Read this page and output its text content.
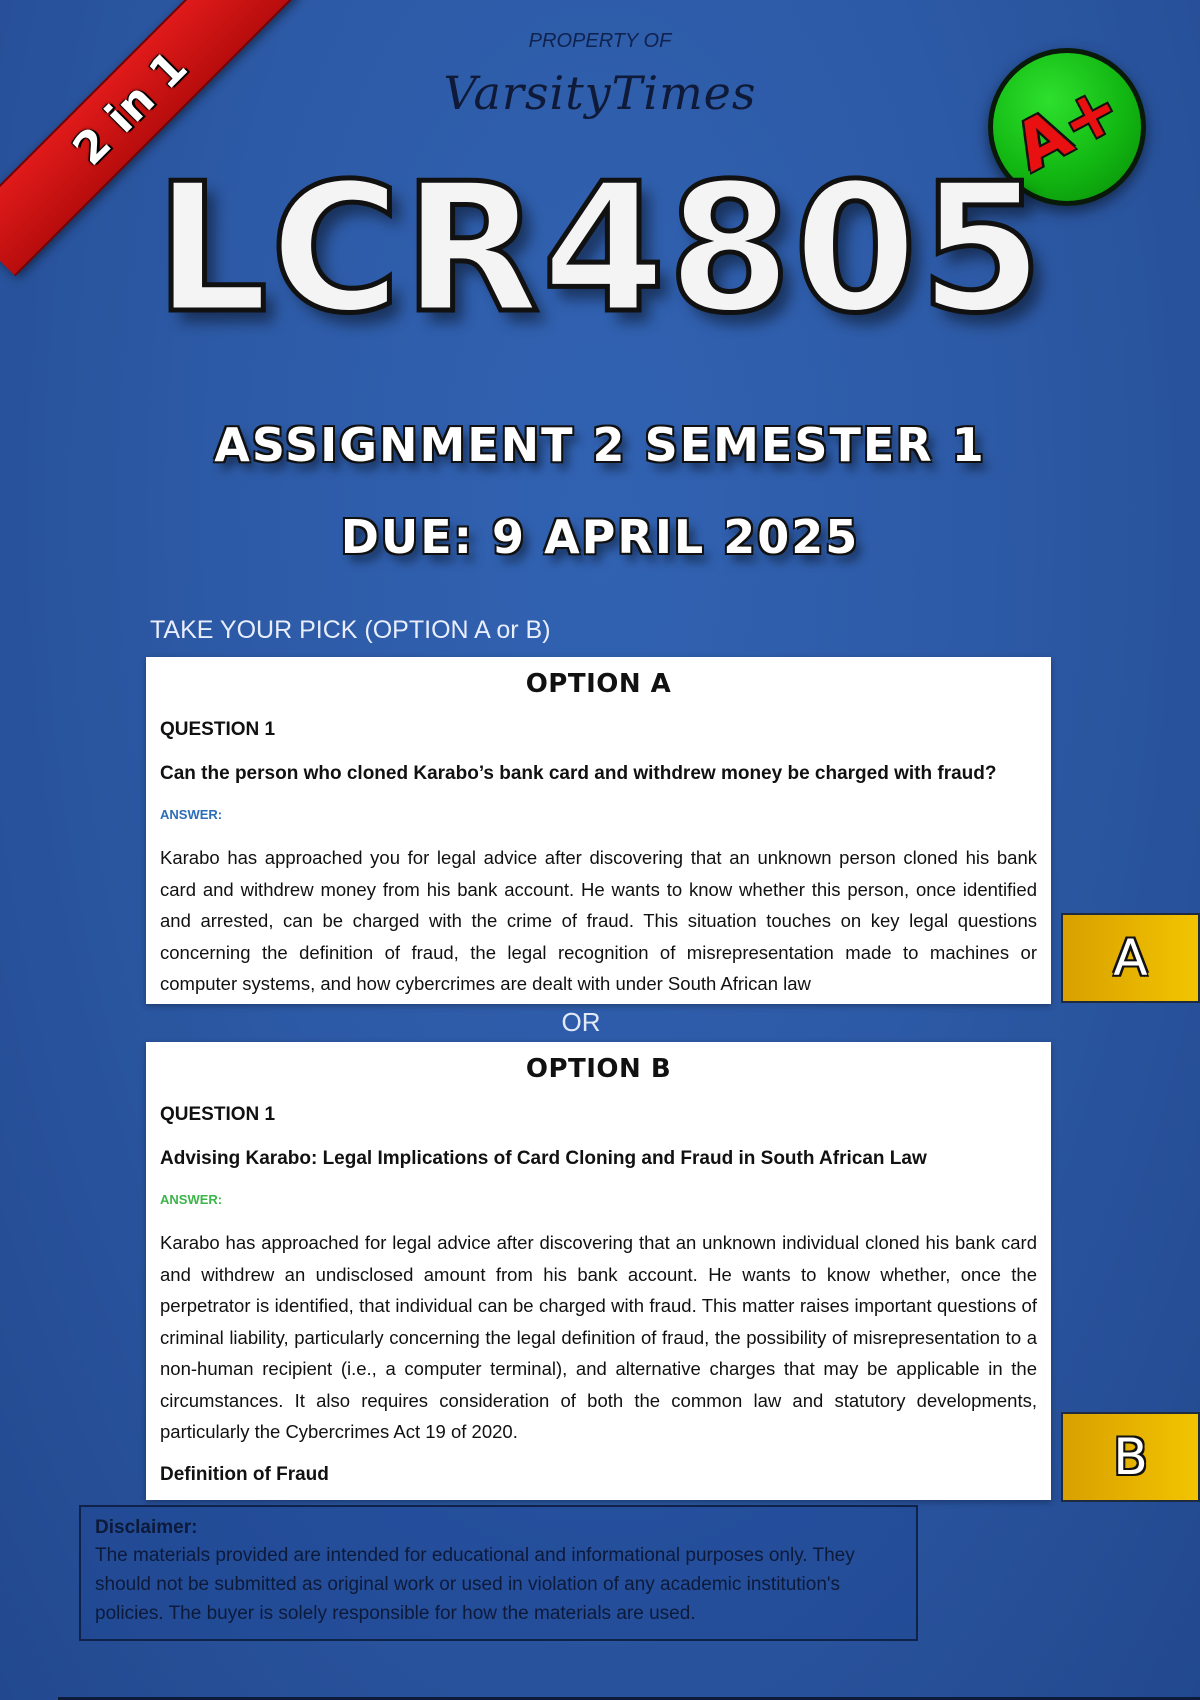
2 in 1
PROPERTY OF
VarsityTimes	A+
LCR4805
ASSIGNMENT 2 SEMESTER 1
DUE: 9 APRIL 2025
TAKE YOUR PICK (OPTION A or B)
OPTION A

QUESTION 1

Can the person who cloned Karabo’s bank card and withdrew money be charged with fraud?

ANSWER:

Karabo has approached you for legal advice after discovering that an unknown person cloned his bank card and withdrew money from his bank account. He wants to know whether this person, once identified and arrested, can be charged with the crime of fraud. This situation touches on key legal questions concerning the definition of fraud, the legal recognition of misrepresentation made to machines or computer systems, and how cybercrimes are dealt with under South African law	A
OR
OPTION B

QUESTION 1

Advising Karabo: Legal Implications of Card Cloning and Fraud in South African Law

ANSWER:

Karabo has approached for legal advice after discovering that an unknown individual cloned his bank card and withdrew an undisclosed amount from his bank account. He wants to know whether, once the perpetrator is identified, that individual can be charged with fraud. This matter raises important questions of criminal liability, particularly concerning the legal definition of fraud, the possibility of misrepresentation to a non-human recipient (i.e., a computer terminal), and alternative charges that may be applicable in the circumstances. It also requires consideration of both the common law and statutory developments, particularly the Cybercrimes Act 19 of 2020.

Definition of Fraud	B
Disclaimer:
The materials provided are intended for educational and informational purposes only. They should not be submitted as original work or used in violation of any academic institution's policies. The buyer is solely responsible for how the materials are used.
